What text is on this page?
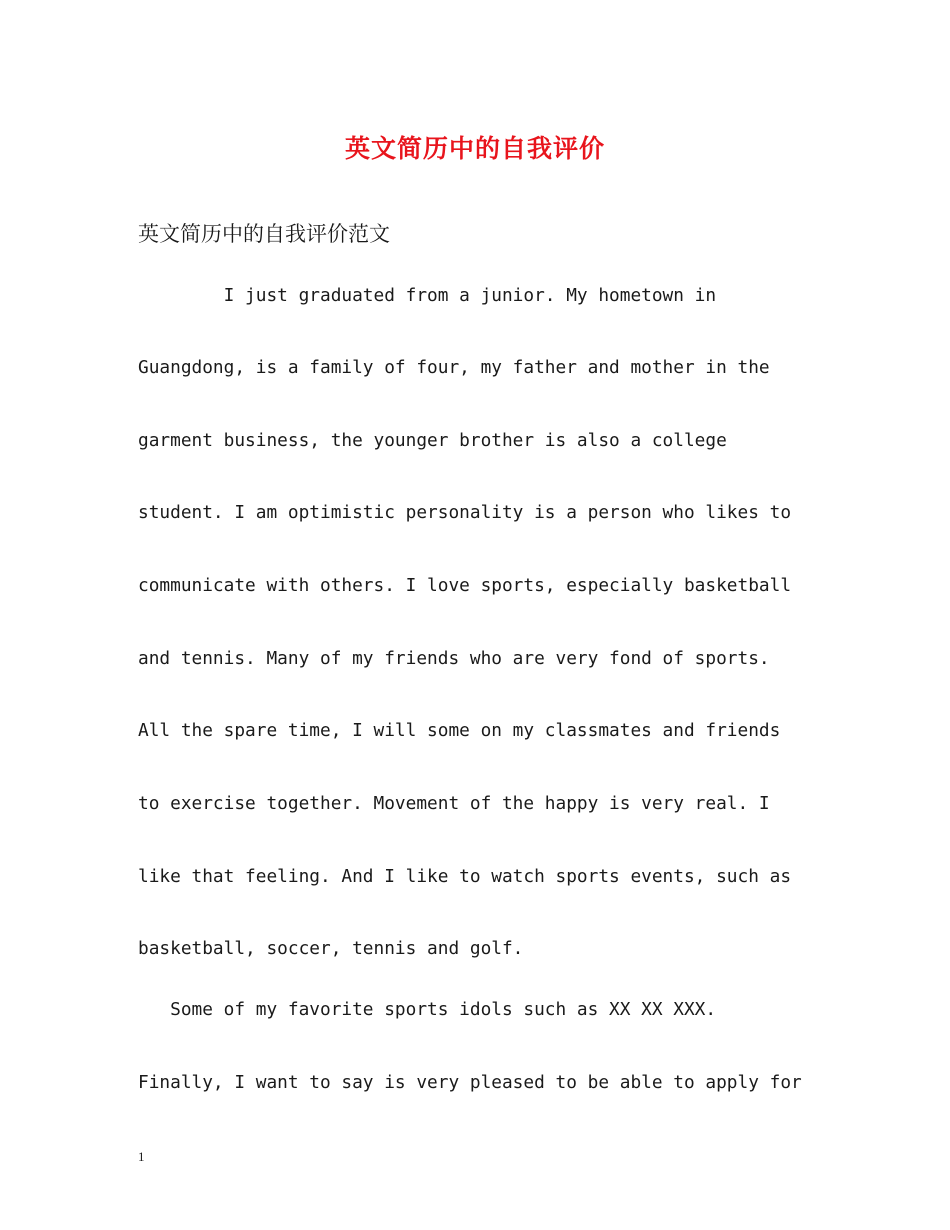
英文简历中的自我评价
英文简历中的自我评价范文
I just graduated from a junior. My hometown in
Guangdong, is a family of four, my father and mother in the
garment business, the younger brother is also a college
student. I am optimistic personality is a person who likes to
communicate with others. I love sports, especially basketball
and tennis. Many of my friends who are very fond of sports.
All the spare time, I will some on my classmates and friends
to exercise together. Movement of the happy is very real. I
like that feeling. And I like to watch sports events, such as
basketball, soccer, tennis and golf.
Some of my favorite sports idols such as XX XX XXX.
Finally, I want to say is very pleased to be able to apply for
1
